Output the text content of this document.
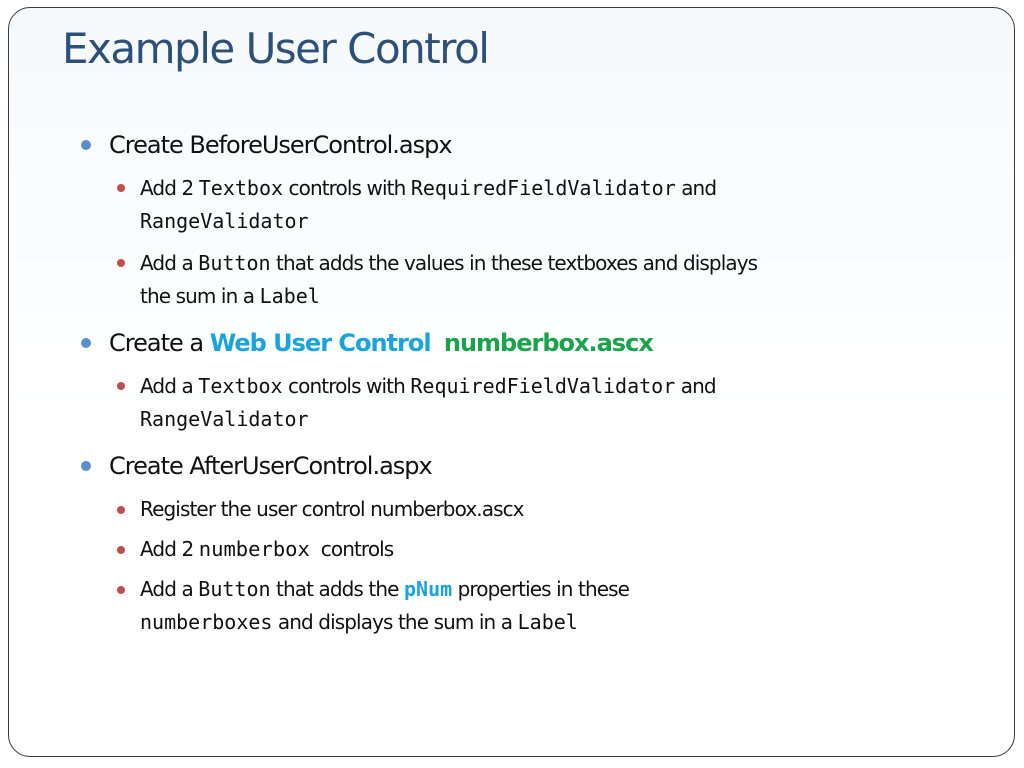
Example User Control
Create BeforeUserControl.aspx
Add 2 Textbox controls with RequiredFieldValidator and
RangeValidator
Add a Button that adds the values in these textboxes and displays
the sum in a Label
Create a Web User Control numberbox.ascx
Add a Textbox controls with RequiredFieldValidator and
RangeValidator
Create AfterUserControl.aspx
Register the user control numberbox.ascx
Add 2 numberbox controls
Add a Button that adds the pNum properties in these
numberboxes and displays the sum in a Label
